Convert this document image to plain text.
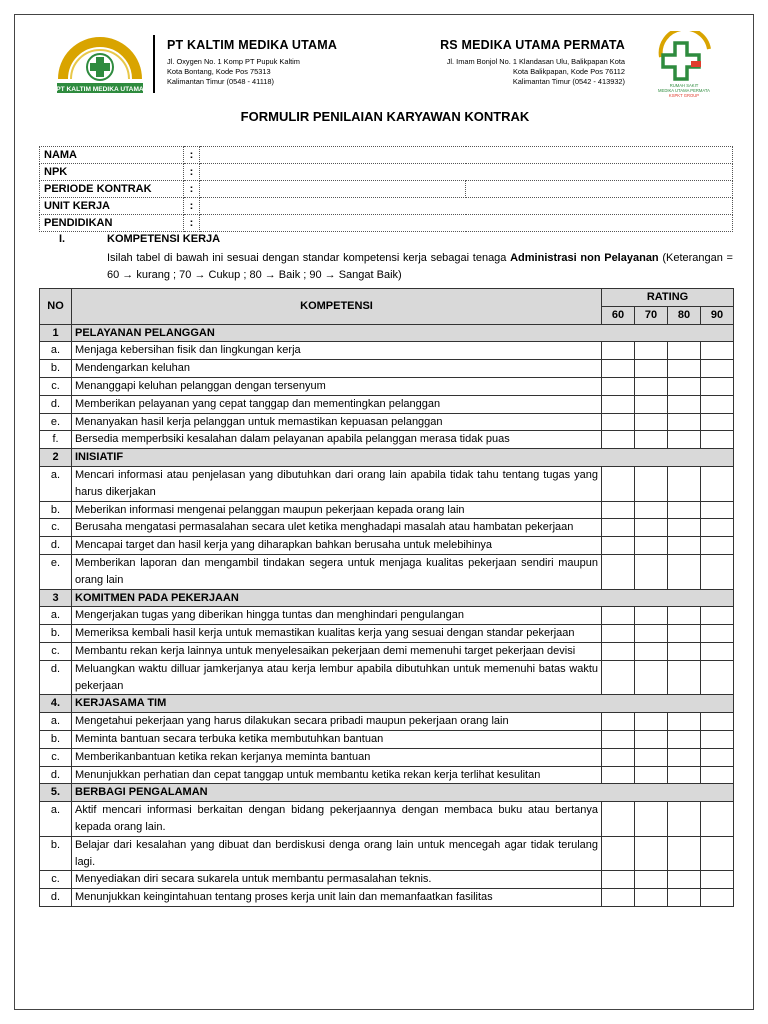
PT KALTIM MEDIKA UTAMA
PT KALTIM MEDIKA UTAMA
Jl. Oxygen No. 1 Komp PT Pupuk Kaltim
Kota Bontang, Kode Pos 75313
Kalimantan Timur (0548 - 41118)
RS MEDIKA UTAMA PERMATA
Jl. Imam Bonjol No. 1 Klandasan Ulu, Balikpapan Kota
Kota Balikpapan, Kode Pos 76112
Kalimantan Timur (0542 - 413932)	RUMAH SAKIT
MEDIKA UTAMA PERMATA
KSPKT GROUP
FORMULIR PENILAIAN KARYAWAN KONTRAK
NAMA	:		
NPK	:		
PERIODE KONTRAK	:		
UNIT KERJA	:		
PENDIDIKAN	:		
I.	KOMPETENSI KERJA
Isilah tabel di bawah ini sesuai dengan standar kompetensi kerja sebagai tenaga Administrasi non Pelayanan (Keterangan = 60 → kurang ; 70 → Cukup ; 80 → Baik ; 90 → Sangat Baik)
NO	KOMPETENSI	RATING			
		60	70	80	90
1	PELAYANAN PELANGGAN				
a.	Menjaga kebersihan fisik dan lingkungan kerja				
b.	Mendengarkan keluhan				
c.	Menanggapi keluhan pelanggan dengan tersenyum				
d.	Memberikan pelayanan yang cepat tanggap dan mementingkan pelanggan				
e.	Menanyakan hasil kerja pelanggan untuk memastikan kepuasan pelanggan				
f.	Bersedia memperbsiki kesalahan dalam pelayanan apabila pelanggan merasa tidak puas				
2	INISIATIF				
a.	Mencari informasi atau penjelasan yang dibutuhkan dari orang lain apabila tidak tahu tentang tugas yang harus dikerjakan				
b.	Meberikan informasi mengenai pelanggan maupun pekerjaan kepada orang lain				
c.	Berusaha mengatasi permasalahan secara ulet ketika menghadapi masalah atau hambatan pekerjaan				
d.	Mencapai target dan hasil kerja yang diharapkan bahkan berusaha untuk melebihinya				
e.	Memberikan laporan dan mengambil tindakan segera untuk menjaga kualitas pekerjaan sendiri maupun orang lain				
3	KOMITMEN PADA PEKERJAAN				
a.	Mengerjakan tugas yang diberikan hingga tuntas dan menghindari pengulangan				
b.	Memeriksa kembali hasil kerja untuk memastikan kualitas kerja yang sesuai dengan standar pekerjaan				
c.	Membantu rekan kerja lainnya untuk menyelesaikan pekerjaan demi memenuhi target pekerjaan devisi				
d.	Meluangkan waktu dilluar jamkerjanya atau kerja lembur apabila dibutuhkan untuk memenuhi batas waktu pekerjaan				
4.	KERJASAMA TIM				
a.	Mengetahui pekerjaan yang harus dilakukan secara pribadi maupun pekerjaan orang lain				
b.	Meminta bantuan secara terbuka ketika membutuhkan bantuan				
c.	Memberikanbantuan ketika rekan kerjanya meminta bantuan				
d.	Menunjukkan perhatian dan cepat tanggap untuk membantu ketika rekan kerja terlihat kesulitan				
5.	BERBAGI PENGALAMAN				
a.	Aktif mencari informasi berkaitan dengan bidang pekerjaannya dengan membaca buku atau bertanya kepada orang lain.				
b.	Belajar dari kesalahan yang dibuat dan berdiskusi denga orang lain untuk mencegah agar tidak terulang lagi.				
c.	Menyediakan diri secara sukarela untuk membantu permasalahan teknis.				
d.	Menunjukkan keingintahuan tentang proses kerja unit lain dan memanfaatkan fasilitas				
